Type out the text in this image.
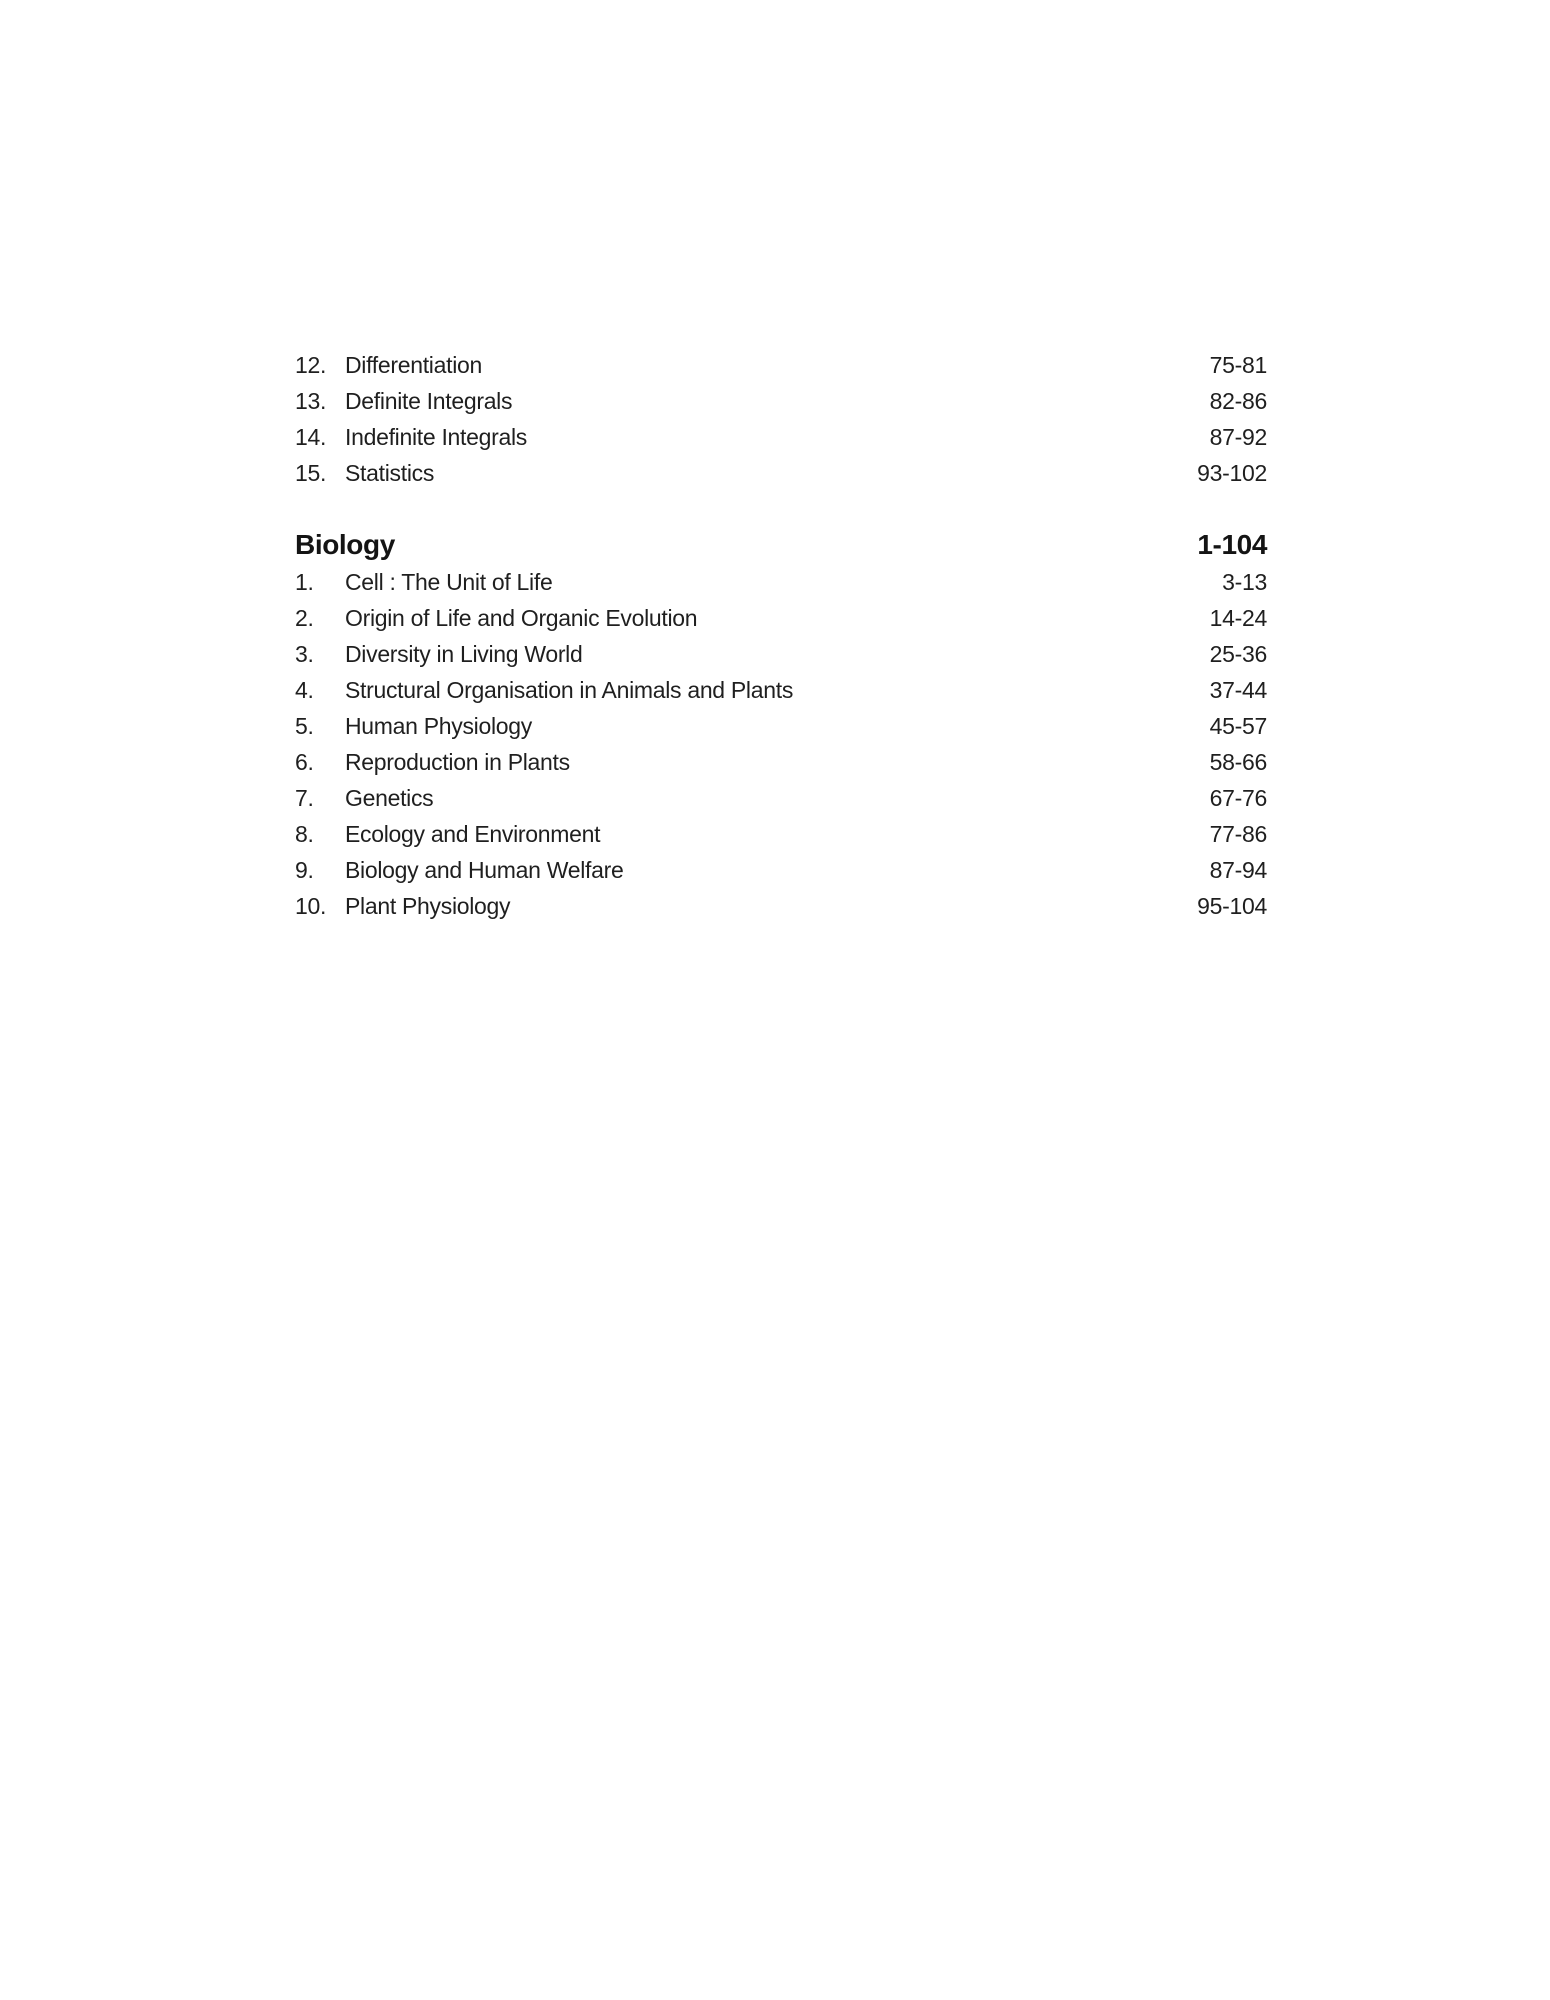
12. Differentiation	75-81
13. Definite Integrals	82-86
14. Indefinite Integrals	87-92
15. Statistics	93-102
Biology	1-104
1.	Cell : The Unit of Life	3-13
2.	Origin of Life and Organic Evolution	14-24
3.	Diversity in Living World	25-36
4.	Structural Organisation in Animals and Plants	37-44
5.	Human Physiology	45-57
6.	Reproduction in Plants	58-66
7.	Genetics	67-76
8.	Ecology and Environment	77-86
9.	Biology and Human Welfare	87-94
10. Plant Physiology	95-104
